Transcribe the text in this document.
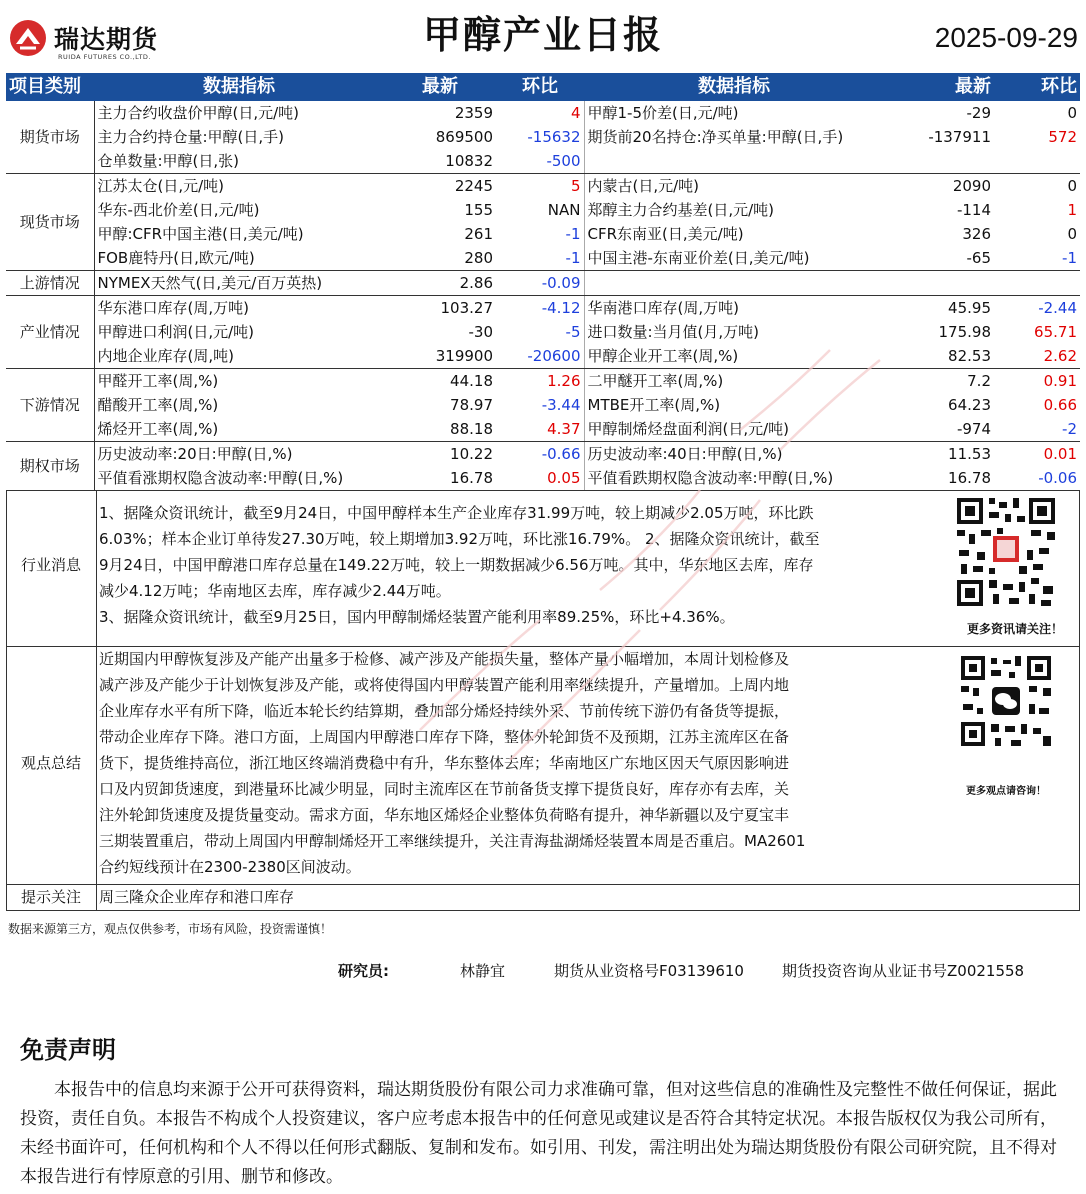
瑞达期货
RUIDA FUTURES CO.,LTD.	甲醇产业日报	2025-09-29
项目类别	数据指标	最新	环比	数据指标	最新	环比
期货市场	主力合约收盘价甲醇(日,元/吨)	2359	4	甲醇1-5价差(日,元/吨)	-29	0
	主力合约持仓量:甲醇(日,手)	869500	-15632	期货前20名持仓:净买单量:甲醇(日,手)	-137911	572
	仓单数量:甲醇(日,张)	10832	-500			
现货市场	江苏太仓(日,元/吨)	2245	5	内蒙古(日,元/吨)	2090	0
	华东-西北价差(日,元/吨)	155	NAN	郑醇主力合约基差(日,元/吨)	-114	1
	甲醇:CFR中国主港(日,美元/吨)	261	-1	CFR东南亚(日,美元/吨)	326	0
	FOB鹿特丹(日,欧元/吨)	280	-1	中国主港-东南亚价差(日,美元/吨)	-65	-1
上游情况	NYMEX天然气(日,美元/百万英热)	2.86	-0.09			
产业情况	华东港口库存(周,万吨)	103.27	-4.12	华南港口库存(周,万吨)	45.95	-2.44
	甲醇进口利润(日,元/吨)	-30	-5	进口数量:当月值(月,万吨)	175.98	65.71
	内地企业库存(周,吨)	319900	-20600	甲醇企业开工率(周,%)	82.53	2.62
下游情况	甲醛开工率(周,%)	44.18	1.26	二甲醚开工率(周,%)	7.2	0.91
	醋酸开工率(周,%)	78.97	-3.44	MTBE开工率(周,%)	64.23	0.66
	烯烃开工率(周,%)	88.18	4.37	甲醇制烯烃盘面利润(日,元/吨)	-974	-2
期权市场	历史波动率:20日:甲醇(日,%)	10.22	-0.66	历史波动率:40日:甲醇(日,%)	11.53	0.01
	平值看涨期权隐含波动率:甲醇(日,%)	16.78	0.05	平值看跌期权隐含波动率:甲醇(日,%)	16.78	-0.06
行业消息

1、据隆众资讯统计，截至9月24日，中国甲醇样本生产企业库存31.99万吨，较上期减少2.05万吨，环比跌

6.03%；样本企业订单待发27.30万吨，较上期增加3.92万吨，环比涨16.79%。 2、据隆众资讯统计，截至

9月24日，中国甲醇港口库存总量在149.22万吨，较上一期数据减少6.56万吨。其中，华东地区去库，库存

减少4.12万吨；华南地区去库，库存减少2.44万吨。

3、据隆众资讯统计，截至9月25日，国内甲醇制烯烃装置产能利用率89.25%，环比+4.36%。

更多资讯请关注！
观点总结

近期国内甲醇恢复涉及产能产出量多于检修、减产涉及产能损失量，整体产量小幅增加，本周计划检修及

减产涉及产能少于计划恢复涉及产能，或将使得国内甲醇装置产能利用率继续提升，产量增加。上周内地

企业库存水平有所下降，临近本轮长约结算期，叠加部分烯烃持续外采、节前传统下游仍有备货等提振，

带动企业库存下降。港口方面，上周国内甲醇港口库存下降，整体外轮卸货不及预期，江苏主流库区在备

货下，提货维持高位，浙江地区终端消费稳中有升，华东整体去库；华南地区广东地区因天气原因影响进

口及内贸卸货速度，到港量环比减少明显，同时主流库区在节前备货支撑下提货良好，库存亦有去库，关

注外轮卸货速度及提货量变动。需求方面，华东地区烯烃企业整体负荷略有提升，神华新疆以及宁夏宝丰

三期装置重启，带动上周国内甲醇制烯烃开工率继续提升，关注青海盐湖烯烃装置本周是否重启。MA2601

合约短线预计在2300-2380区间波动。

更多观点请咨询！
提示关注	周三隆众企业库存和港口库存
数据来源第三方，观点仅供参考，市场有风险，投资需谨慎！
研究员:	林静宜	期货从业资格号F03139610	期货投资咨询从业证书号Z0021558
免责声明
本报告中的信息均来源于公开可获得资料，瑞达期货股份有限公司力求准确可靠，但对这些信息的准确性及完整性不做任何保证，据此投资，责任自负。本报告不构成个人投资建议，客户应考虑本报告中的任何意见或建议是否符合其特定状况。本报告版权仅为我公司所有，未经书面许可，任何机构和个人不得以任何形式翻版、复制和发布。如引用、刊发，需注明出处为瑞达期货股份有限公司研究院，且不得对本报告进行有悖原意的引用、删节和修改。
